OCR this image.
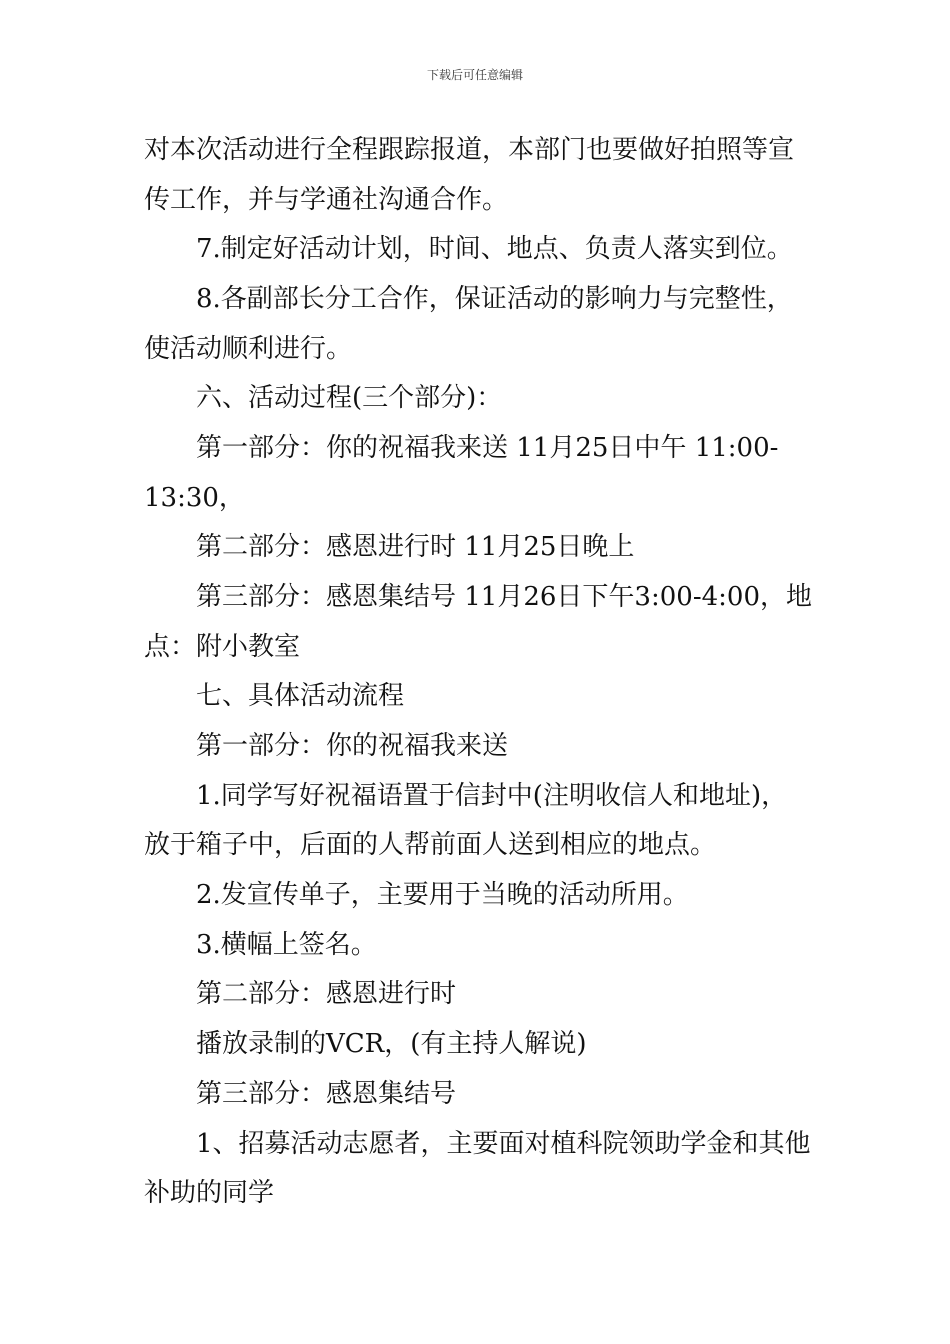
下载后可任意编辑
对本次活动进行全程跟踪报道，本部门也要做好拍照等宣
传工作，并与学通社沟通合作。
7.制定好活动计划，时间、地点、负责人落实到位。
8.各副部长分工合作，保证活动的影响力与完整性，
使活动顺利进行。
六、活动过程(三个部分)：
第一部分：你的祝福我来送 11月25日中午 11:00-
13:30，
第二部分：感恩进行时 11月25日晚上
第三部分：感恩集结号 11月26日下午3:00-4:00，地
点：附小教室
七、具体活动流程
第一部分：你的祝福我来送
1.同学写好祝福语置于信封中(注明收信人和地址)，
放于箱子中，后面的人帮前面人送到相应的地点。
2.发宣传单子，主要用于当晚的活动所用。
3.横幅上签名。
第二部分：感恩进行时
播放录制的VCR，(有主持人解说)
第三部分：感恩集结号
1、招募活动志愿者，主要面对植科院领助学金和其他
补助的同学
